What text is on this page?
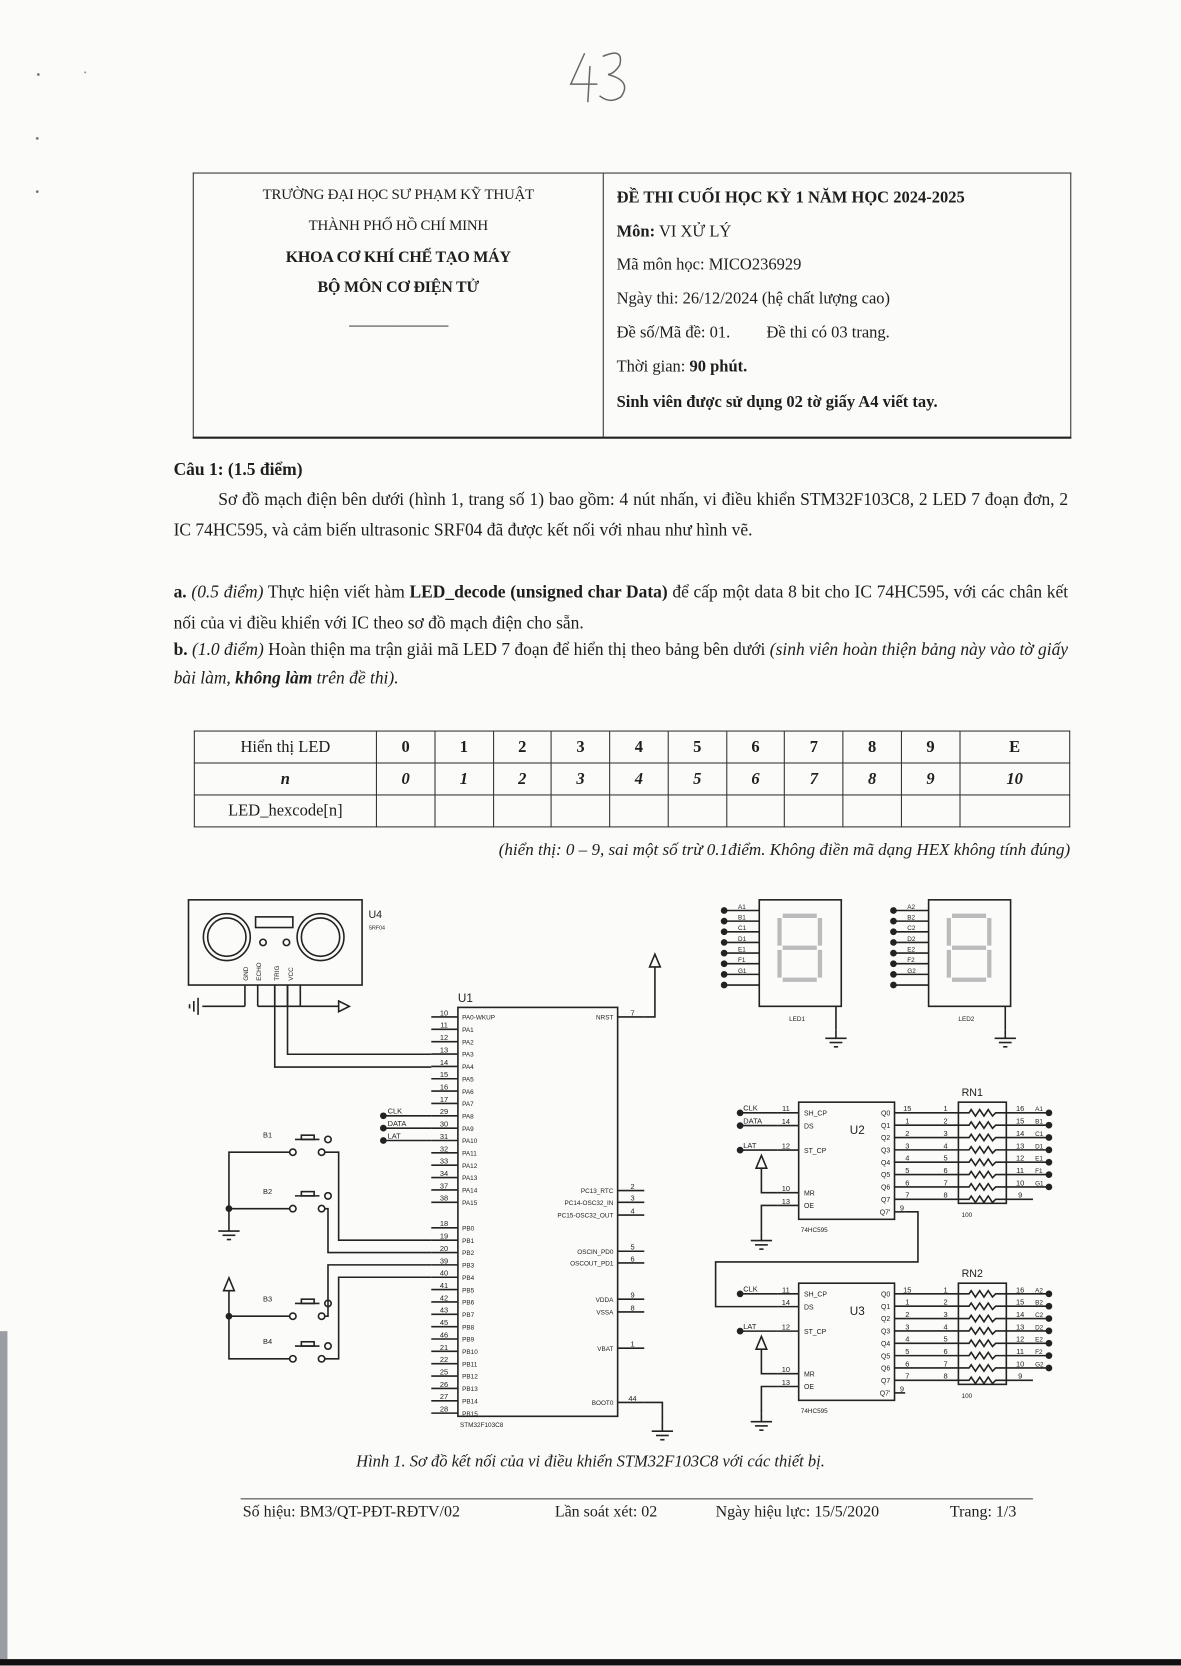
TRƯỜNG ĐẠI HỌC SƯ PHẠM KỸ THUẬT
THÀNH PHỐ HỒ CHÍ MINH
KHOA CƠ KHÍ CHẾ TẠO MÁY
BỘ MÔN CƠ ĐIỆN TỬ
-----------------------------------
ĐỀ THI CUỐI HỌC KỲ 1 NĂM HỌC 2024-2025
Môn: VI XỬ LÝ
Mã môn học: MICO236929
Ngày thi: 26/12/2024 (hệ chất lượng cao)
Đề số/Mã đề: 01. Đề thi có 03 trang.
Thời gian: 90 phút.
Sinh viên được sử dụng 02 tờ giấy A4 viết tay.
Câu 1: (1.5 điểm)
Sơ đồ mạch điện bên dưới (hình 1, trang số 1) bao gồm: 4 nút nhấn, vi điều khiển STM32F103C8, 2 LED 7 đoạn đơn, 2 IC 74HC595, và cảm biến ultrasonic SRF04 đã được kết nối với nhau như hình vẽ.
a. (0.5 điểm) Thực hiện viết hàm LED_decode (unsigned char Data) để cấp một data 8 bit cho IC 74HC595, với các chân kết nối của vi điều khiển với IC theo sơ đồ mạch điện cho sẵn.
b. (1.0 điểm) Hoàn thiện ma trận giải mã LED 7 đoạn để hiển thị theo bảng bên dưới (sinh viên hoàn thiện bảng này vào tờ giấy bài làm, không làm trên đề thi).
Hiển thị LED	0	1	2	3	4	5	6	7	8	9	E
n	0	1	2	3	4	5	6	7	8	9	10
LED_hexcode[n]											
(hiển thị: 0 – 9, sai một số trừ 0.1điểm. Không điền mã dạng HEX không tính đúng)
U4
SRF04
GND ECHO TRIG VCC
U1
STM32F103C8
10
PA0-WKUP
11
PA1
12
PA2
13
PA3
14
PA4
15
PA5
16
PA6
17
PA7
29
PA8
30
PA9
31
PA10
32
PA11
33
PA12
34
PA13
37
PA14
38
PA15
18
PB0
19
PB1
20
PB2
39
PB3
40
PB4
41
PB5
42
PB6
43
PB7
45
PB8
46
PB9
21
PB10
22
PB11
25
PB12
26
PB13
27
PB14
28
PB15
7
NRST
2
PC13_RTC
3
PC14-OSC32_IN
4
PC15-OSC32_OUT
5
OSCIN_PD0
6
OSCOUT_PD1
9
VDDA
8
VSSA
1
VBAT
44
BOOT0
CLK
DATA
LAT
B1
B2
B3
B4
A1
B1
C1
D1
E1
F1
G1
LED1
A2
B2
C2
D2
E2
F2
G2
LED2
11
SH_CP
14
DS
12
ST_CP
10
MR
13
OE
CLK
DATA
LAT
U2
74HC595
Q0
15	1
Q1
1	2
Q2
2	3
Q3
3	4
Q4
4	5
Q5
5	6
Q6
6	7
Q7
7	8
Q7'
9
RN1
100
16 A1
15 B1
14 C1
13 D1
12 E1
11 F1
10 G1
9
11
SH_CP
14
DS
12
ST_CP
10
MR
13
OE
CLK
LAT
U3
74HC595
Q0
15	1
Q1
1	2
Q2
2	3
Q3
3	4
Q4
4	5
Q5
5	6
Q6
6	7
Q7
7	8
Q7'
9
RN2
100
16 A2
15 B2
14 C2
13 D2
12 E2
11 F2
10 G2
9
Hình 1. Sơ đồ kết nối của vi điều khiển STM32F103C8 với các thiết bị.
Số hiệu: BM3/QT-PĐT-RĐTV/02	Lần soát xét: 02	Ngày hiệu lực: 15/5/2020	Trang: 1/3
